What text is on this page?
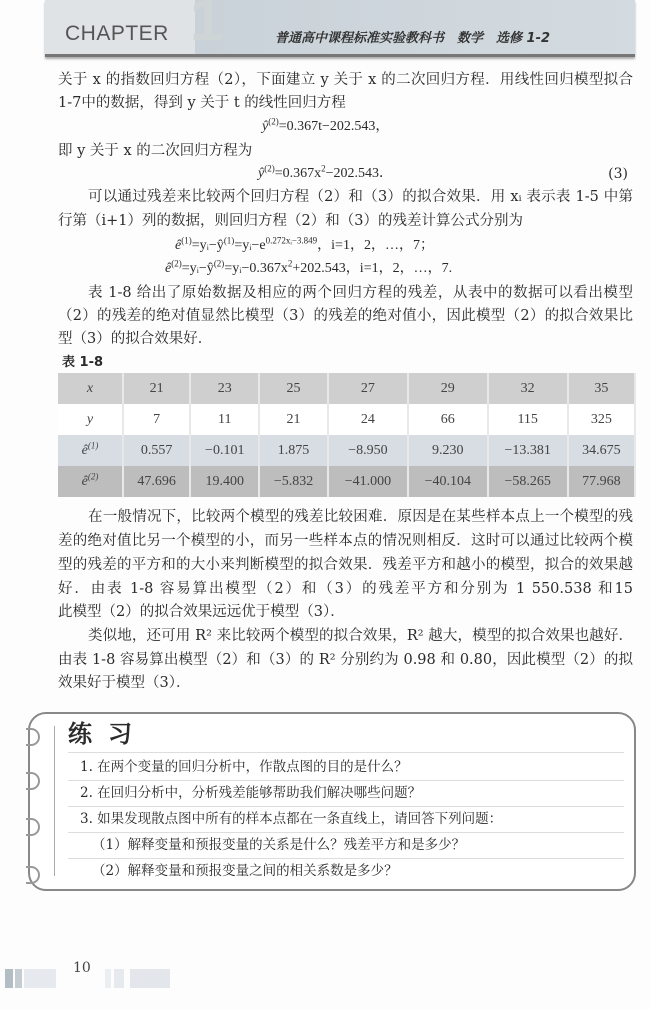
1
CHAPTER	普通高中课程标准实验教科书　数学　选修 1-2
关于 x 的指数回归方程（2），下面建立 y 关于 x 的二次回归方程．用线性回归模型拟合
1-7中的数据，得到 y 关于 t 的线性回归方程
$ŷ^{(2)}=0.367t-202.543$，
即 y 关于 x 的二次回归方程为
$ŷ^{(2)}=0.367x^2-202.543$．	(3)
可以通过残差来比较两个回归方程（2）和（3）的拟合效果．用 xᵢ 表示表 1-5 中第
行第（i+1）列的数据，则回归方程（2）和（3）的残差计算公式分别为
$ê^{(1)}=yᵢ-ŷ^{(1)}=yᵢ-e^{0.272xᵢ-3.849}$，i=1，2，…，7；
$ê^{(2)}=yᵢ-ŷ^{(2)}=yᵢ-0.367x^2+202.543$，i=1，2，…，7.
表 1-8 给出了原始数据及相应的两个回归方程的残差，从表中的数据可以看出模型
（2）的残差的绝对值显然比模型（3）的残差的绝对值小，因此模型（2）的拟合效果比
型（3）的拟合效果好．
表 1-8
x	21	23	25	27	29	32	35
y	7	11	21	24	66	115	325
$ê^{(1)}$	0.557	−0.101	1.875	−8.950	9.230	−13.381	34.675
$ê^{(2)}$	47.696	19.400	−5.832	−41.000	−40.104	−58.265	77.968
在一般情况下，比较两个模型的残差比较困难．原因是在某些样本点上一个模型的残
差的绝对值比另一个模型的小，而另一些样本点的情况则相反．这时可以通过比较两个模
型的残差的平方和的大小来判断模型的拟合效果．残差平方和越小的模型，拟合的效果越
好．由表 1-8 容易算出模型（2）和（3）的残差平方和分别为 1 550.538 和15
此模型（2）的拟合效果远远优于模型（3）．
类似地，还可用 R² 来比较两个模型的拟合效果，R² 越大，模型的拟合效果也越好．
由表 1-8 容易算出模型（2）和（3）的 R² 分别约为 0.98 和 0.80，因此模型（2）的拟
效果好于模型（3）．
练习
1. 在两个变量的回归分析中，作散点图的目的是什么？
2. 在回归分析中，分析残差能够帮助我们解决哪些问题？
3. 如果发现散点图中所有的样本点都在一条直线上，请回答下列问题：
（1）解释变量和预报变量的关系是什么？残差平方和是多少？
（2）解释变量和预报变量之间的相关系数是多少？
10
